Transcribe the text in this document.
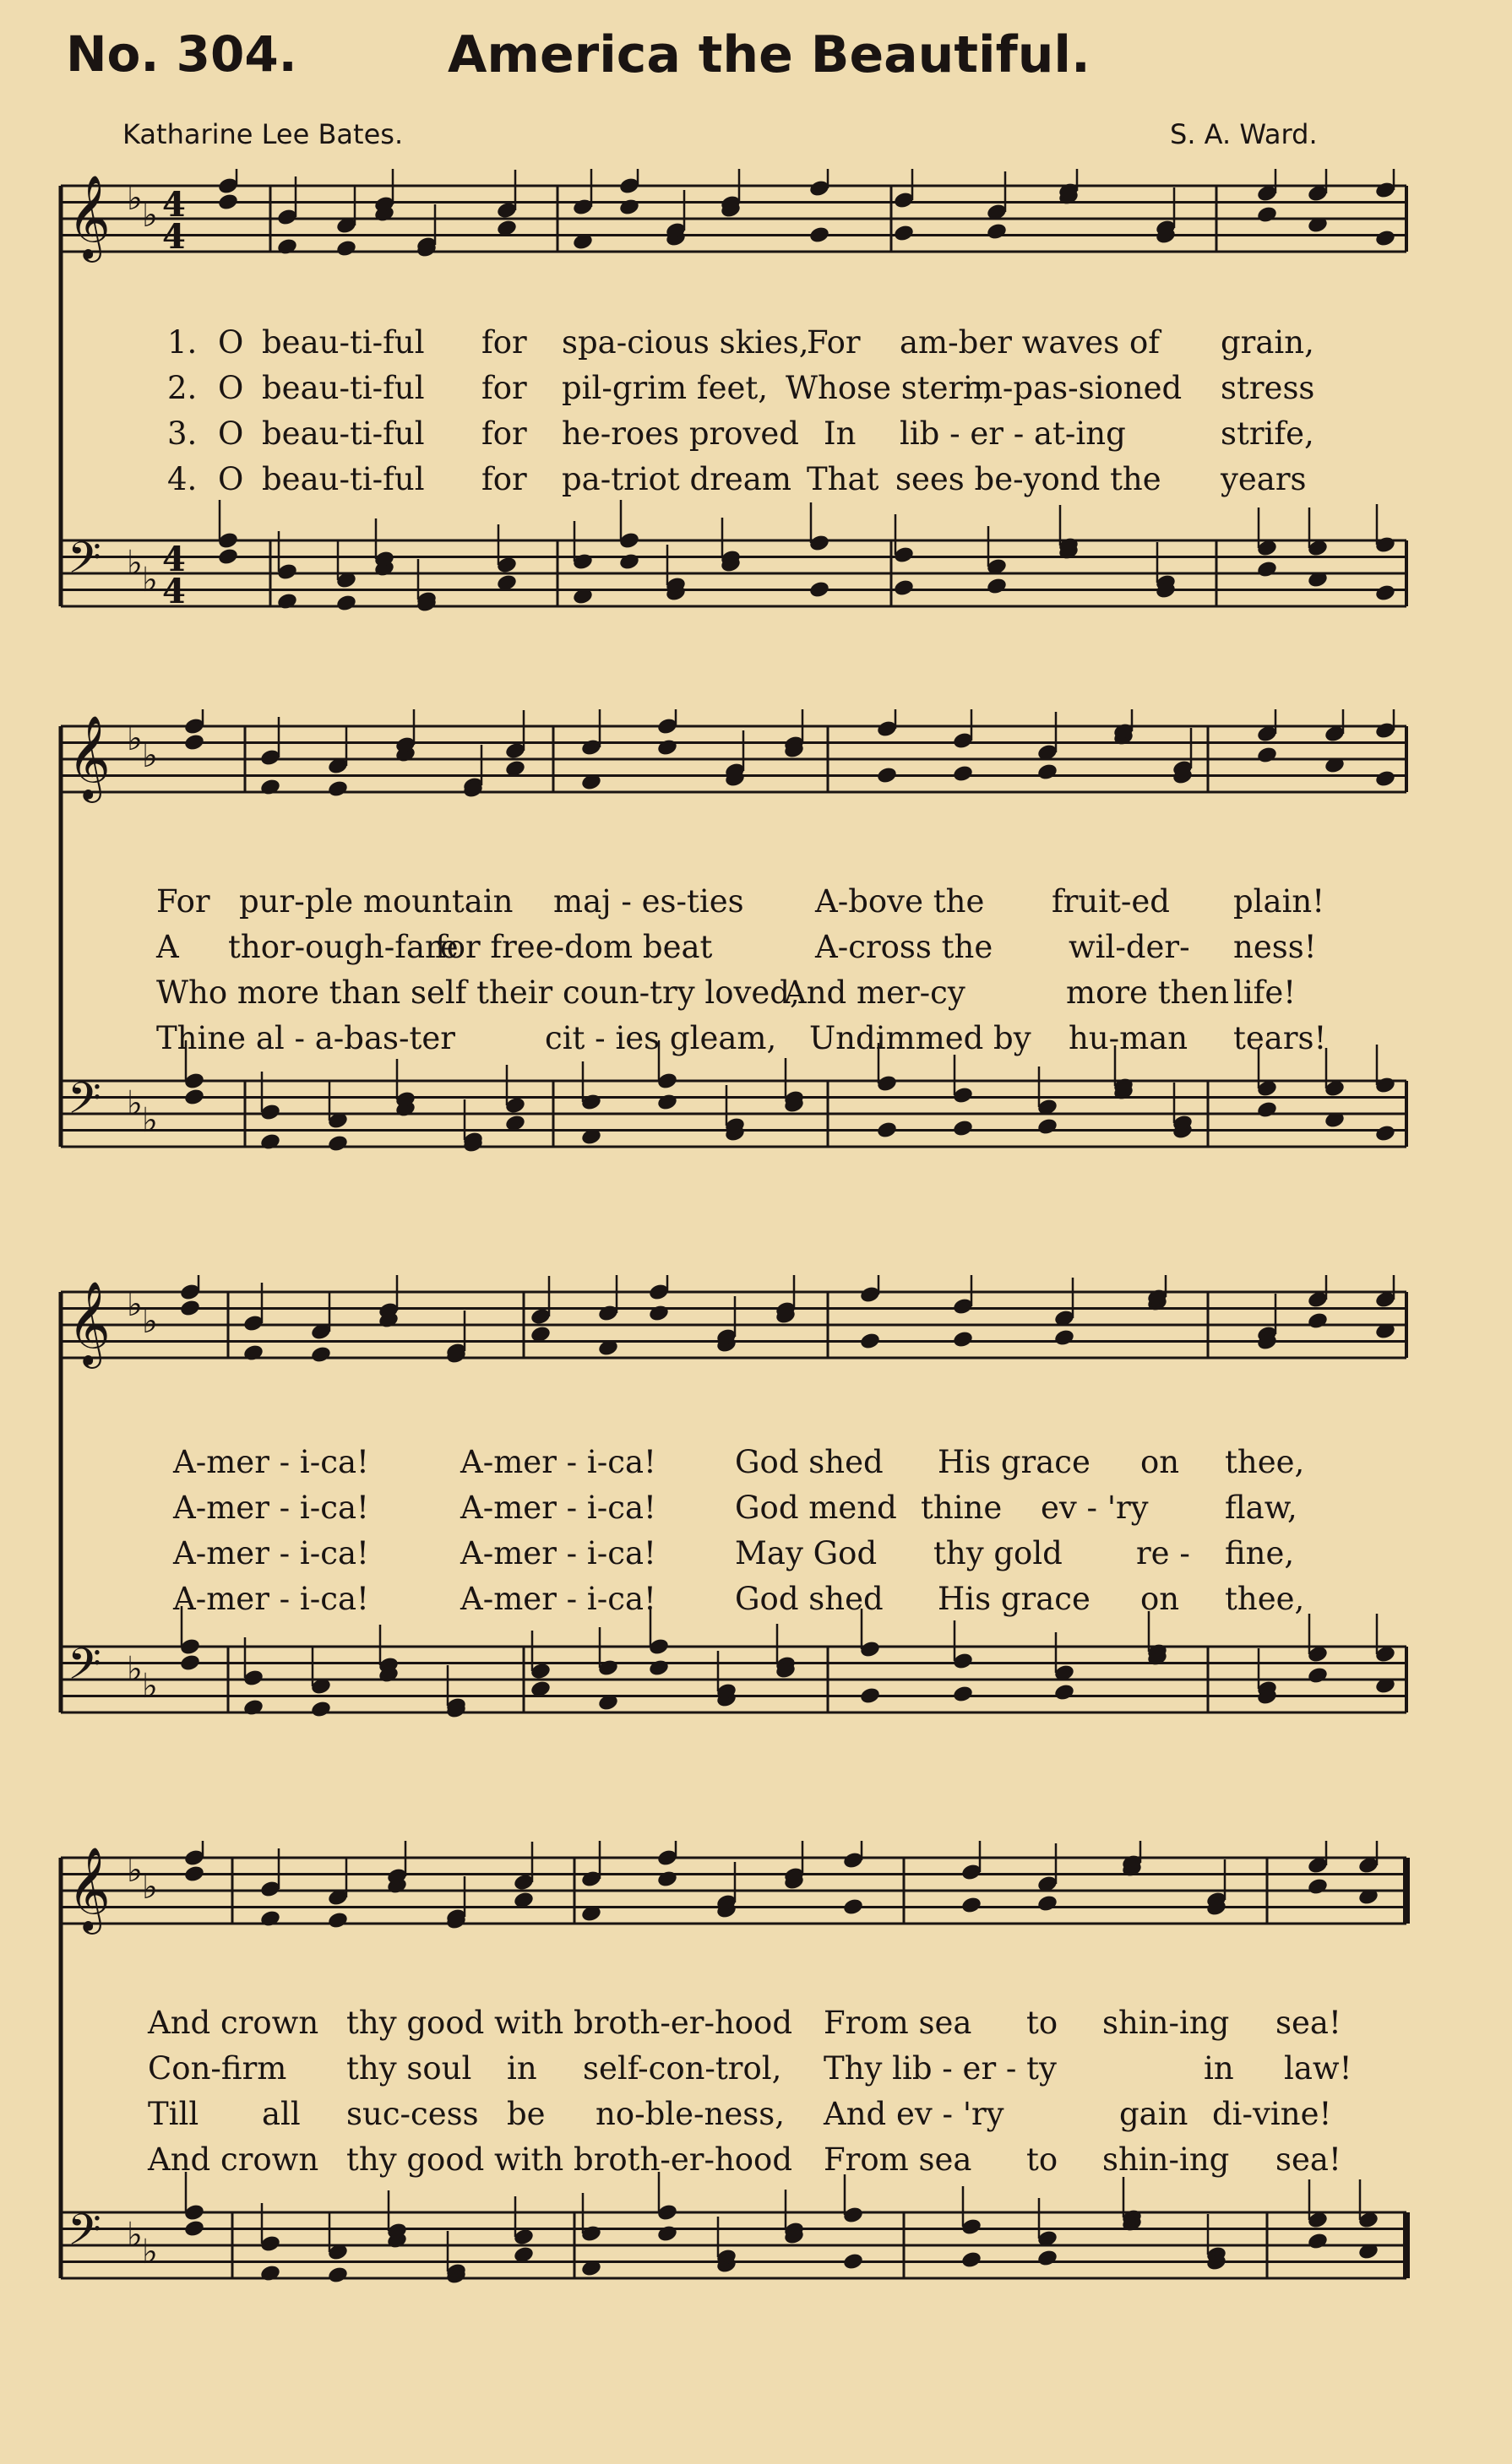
No. 304.	America the Beautiful.
Katharine Lee Bates.	S. A. Ward.
𝄞 ♭ ♭
𝄢 ♭ ♭
4
4
4
4
𝄞 ♭ ♭
𝄢 ♭ ♭
𝄞 ♭ ♭
𝄢 ♭ ♭
𝄞 ♭ ♭
𝄢 ♭ ♭
1. O beau-ti-ful for spa-cious skies,
For am-ber waves of grain,
2. O beau-ti-ful for pil-grim feet, Whose stern,
im-pas-sioned stress
3. O beau-ti-ful for he-roes proved In lib - er - at-ing	strife,
4. O beau-ti-ful for pa-triot dream That sees be-yond the years
For pur-ple mountain maj - es-ties A-bove the fruit-ed plain!
A thor-ough-fare
for free-dom beat	A-cross the wil-der- ness!
Who more than self their coun-try loved,
And mer-cy	more then life!
Thine al - a-bas-ter	cit - ies gleam, Undimmed by hu-man tears!
A-mer - i-ca!	A-mer - i-ca!	God shed His grace on thee,
A-mer - i-ca!	A-mer - i-ca!	God mend thine ev - 'ry flaw,
A-mer - i-ca!	A-mer - i-ca!	May God thy gold re - fine,
A-mer - i-ca!	A-mer - i-ca!	God shed His grace on thee,
And crown thy good with broth-er-hood From sea to shin-ing sea!
Con-firm thy soul in self-con-trol, Thy lib - er - ty	in law!
Till all suc-cess be no-ble-ness, And ev - 'ry	gain di-vine!
And crown thy good with broth-er-hood From sea to shin-ing sea!
